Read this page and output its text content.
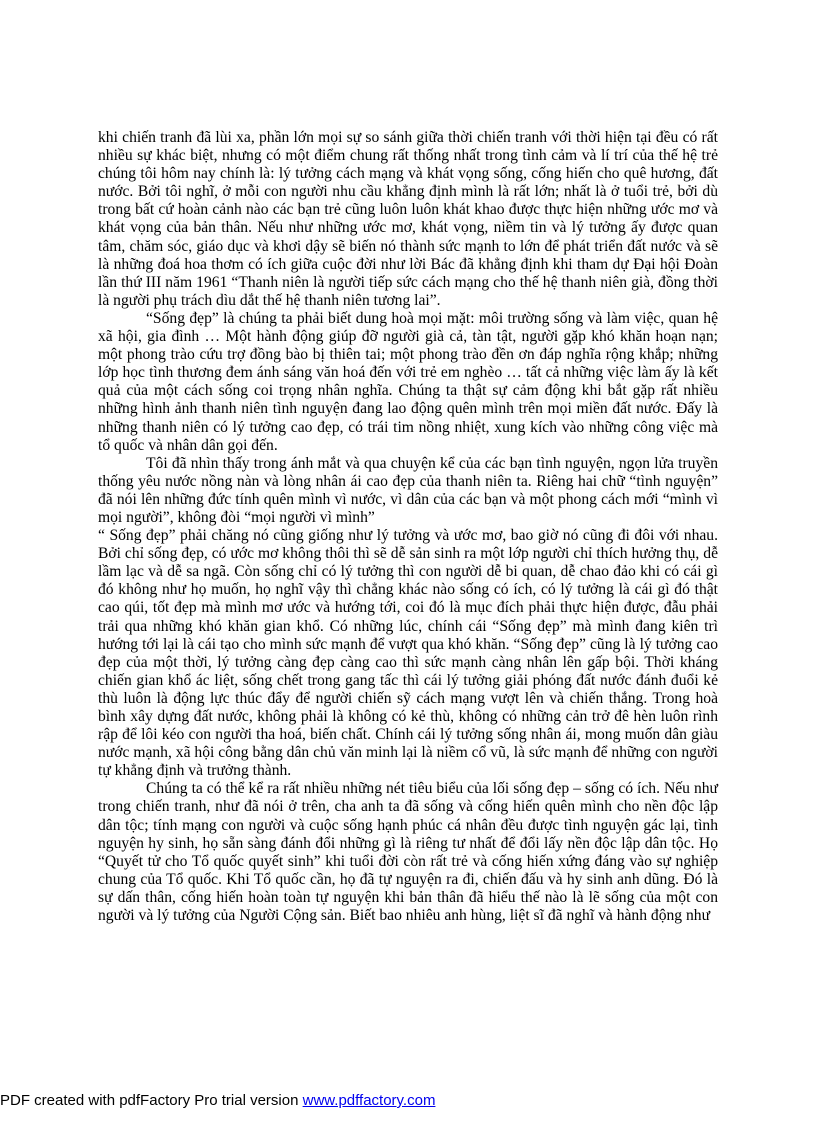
khi chiến tranh đã lùi xa, phần lớn mọi sự so sánh giữa thời chiến tranh với thời hiện tại đều có rất nhiều sự khác biệt, nhưng có một điểm chung rất thống nhất trong tình cảm và lí trí của thế hệ trẻ chúng tôi hôm nay chính là: lý tưởng cách mạng và khát vọng sống, cống hiến cho quê hương, đất nước. Bởi tôi nghĩ, ở mỗi con người nhu cầu khẳng định mình là rất lớn; nhất là ở tuổi trẻ, bởi dù trong bất cứ hoàn cảnh nào các bạn trẻ cũng luôn luôn khát khao được thực hiện những ước mơ và khát vọng của bản thân. Nếu như những ước mơ, khát vọng, niềm tin và lý tưởng ấy được quan tâm, chăm sóc, giáo dục và khơi dậy sẽ biến nó thành sức mạnh to lớn để phát triển đất nước và sẽ là những đoá hoa thơm có ích giữa cuộc đời như lời Bác đã khẳng định khi tham dự Đại hội Đoàn lần thứ III năm 1961 “Thanh niên là người tiếp sức cách mạng cho thế hệ thanh niên già, đồng thời là người phụ trách dìu dắt thế hệ thanh niên tương lai”.

“Sống đẹp” là chúng ta phải biết dung hoà mọi mặt: môi trường sống và làm việc, quan hệ xã hội, gia đình … Một hành động giúp đỡ người già cả, tàn tật, người gặp khó khăn hoạn nạn; một phong trào cứu trợ đồng bào bị thiên tai; một phong trào đền ơn đáp nghĩa rộng khắp; những lớp học tình thương đem ánh sáng văn hoá đến với trẻ em nghèo … tất cả những việc làm ấy là kết quả của một cách sống coi trọng nhân nghĩa. Chúng ta thật sự cảm động khi bắt gặp rất nhiều những hình ảnh thanh niên tình nguyện đang lao động quên mình trên mọi miền đất nước. Đấy là những thanh niên có lý tưởng cao đẹp, có trái tim nồng nhiệt, xung kích vào những công việc mà tổ quốc và nhân dân gọi đến.

Tôi đã nhìn thấy trong ánh mắt và qua chuyện kể của các bạn tình nguyện, ngọn lửa truyền thống yêu nước nồng nàn và lòng nhân ái cao đẹp của thanh niên ta. Riêng hai chữ “tình nguyện” đã nói lên những đức tính quên mình vì nước, vì dân của các bạn và một phong cách mới “mình vì mọi người”, không đòi “mọi người vì mình”

“ Sống đẹp” phải chăng nó cũng giống như lý tưởng và ước mơ, bao giờ nó cũng đi đôi với nhau. Bởi chỉ sống đẹp, có ước mơ không thôi thì sẽ dễ sản sinh ra một lớp người chỉ thích hưởng thụ, dễ lầm lạc và dễ sa ngã. Còn sống chỉ có lý tưởng thì con người dễ bi quan, dễ chao đảo khi có cái gì đó không như họ muốn, họ nghĩ vậy thì chẳng khác nào sống có ích, có lý tưởng là cái gì đó thật cao qúi, tốt đẹp mà mình mơ ước và hướng tới, coi đó là mục đích phải thực hiện được, đẫu phải trải qua những khó khăn gian khổ. Có những lúc, chính cái “Sống đẹp” mà mình đang kiên trì hướng tới lại là cái tạo cho mình sức mạnh để vượt qua khó khăn. “Sống đẹp” cũng là lý tưởng cao đẹp của một thời, lý tưởng càng đẹp càng cao thì sức mạnh càng nhân lên gấp bội. Thời kháng chiến gian khổ ác liệt, sống chết trong gang tấc thì cái lý tưởng giải phóng đất nước đánh đuổi kẻ thù luôn là động lực thúc đẩy để người chiến sỹ cách mạng vượt lên và chiến thắng. Trong hoà bình xây dựng đất nước, không phải là không có kẻ thù, không có những cản trở đê hèn luôn rình rập để lôi kéo con người tha hoá, biến chất. Chính cái lý tưởng sống nhân ái, mong muốn dân giàu nước mạnh, xã hội công bằng dân chủ văn minh lại là niềm cổ vũ, là sức mạnh để những con người tự khẳng định và trưởng thành.

Chúng ta có thể kể ra rất nhiều những nét tiêu biểu của lối sống đẹp – sống có ích. Nếu như trong chiến tranh, như đã nói ở trên, cha anh ta đã sống và cống hiến quên mình cho nền độc lập dân tộc; tính mạng con người và cuộc sống hạnh phúc cá nhân đều được tình nguyện gác lại, tình nguyện hy sinh, họ sẵn sàng đánh đổi những gì là riêng tư nhất để đổi lấy nền độc lập dân tộc. Họ “Quyết tử cho Tổ quốc quyết sinh” khi tuổi đời còn rất trẻ và cống hiến xứng đáng vào sự nghiệp chung của Tổ quốc. Khi Tổ quốc cần, họ đã tự nguyện ra đi, chiến đấu và hy sinh anh dũng. Đó là sự dấn thân, cống hiến hoàn toàn tự nguyện khi bản thân đã hiểu thế nào là lẽ sống của một con người và lý tưởng của Người Cộng sản. Biết bao nhiêu anh hùng, liệt sĩ đã nghĩ và hành động như

PDF created with pdfFactory Pro trial version www.pdffactory.com
